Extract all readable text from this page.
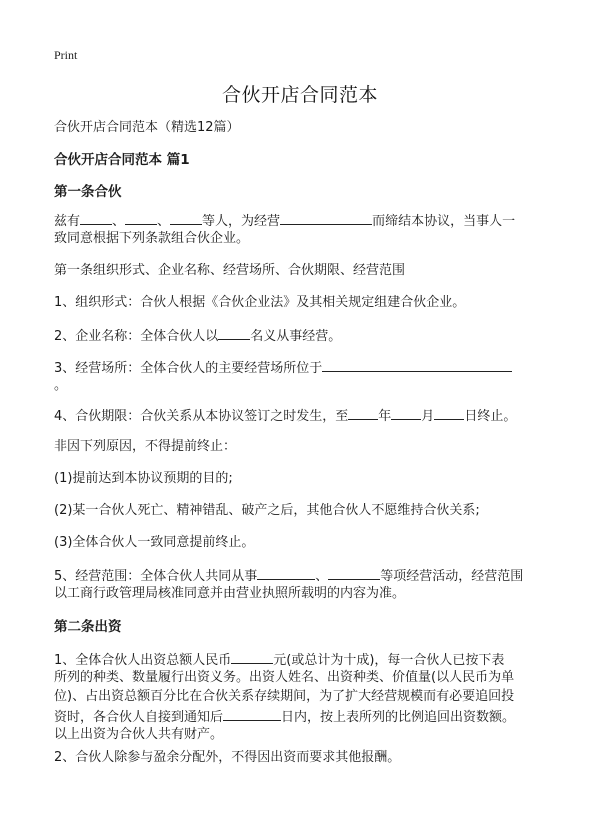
Print
合伙开店合同范本
合伙开店合同范本（精选12篇）
合伙开店合同范本 篇1
第一条合伙
兹有 、 、 等人，为经营	而缔结本协议，当事人一
致同意根据下列条款组合伙企业。
第一条组织形式、企业名称、经营场所、合伙期限、经营范围
1、组织形式：合伙人根据《合伙企业法》及其相关规定组建合伙企业。
2、企业名称：全体合伙人以 名义从事经营。
3、经营场所：全体合伙人的主要经营场所位于
。
4、合伙期限：合伙关系从本协议签订之时发生，至 年 月 日终止。
非因下列原因，不得提前终止：
(1)提前达到本协议预期的目的;
(2)某一合伙人死亡、精神错乱、破产之后，其他合伙人不愿维持合伙关系;
(3)全体合伙人一致同意提前终止。
5、经营范围：全体合伙人共同从事	、	等项经营活动，经营范围
以工商行政管理局核准同意并由营业执照所载明的内容为准。
第二条出资
1、全体合伙人出资总额人民币	元(或总计为十成)，每一合伙人已按下表
所列的种类、数量履行出资义务。出资人姓名、出资种类、价值量(以人民币为单
位)、占出资总额百分比在合伙关系存续期间，为了扩大经营规模而有必要追回投
资时，各合伙人自接到通知后	日内，按上表所列的比例追回出资数额。
以上出资为合伙人共有财产。
2、合伙人除参与盈余分配外，不得因出资而要求其他报酬。
